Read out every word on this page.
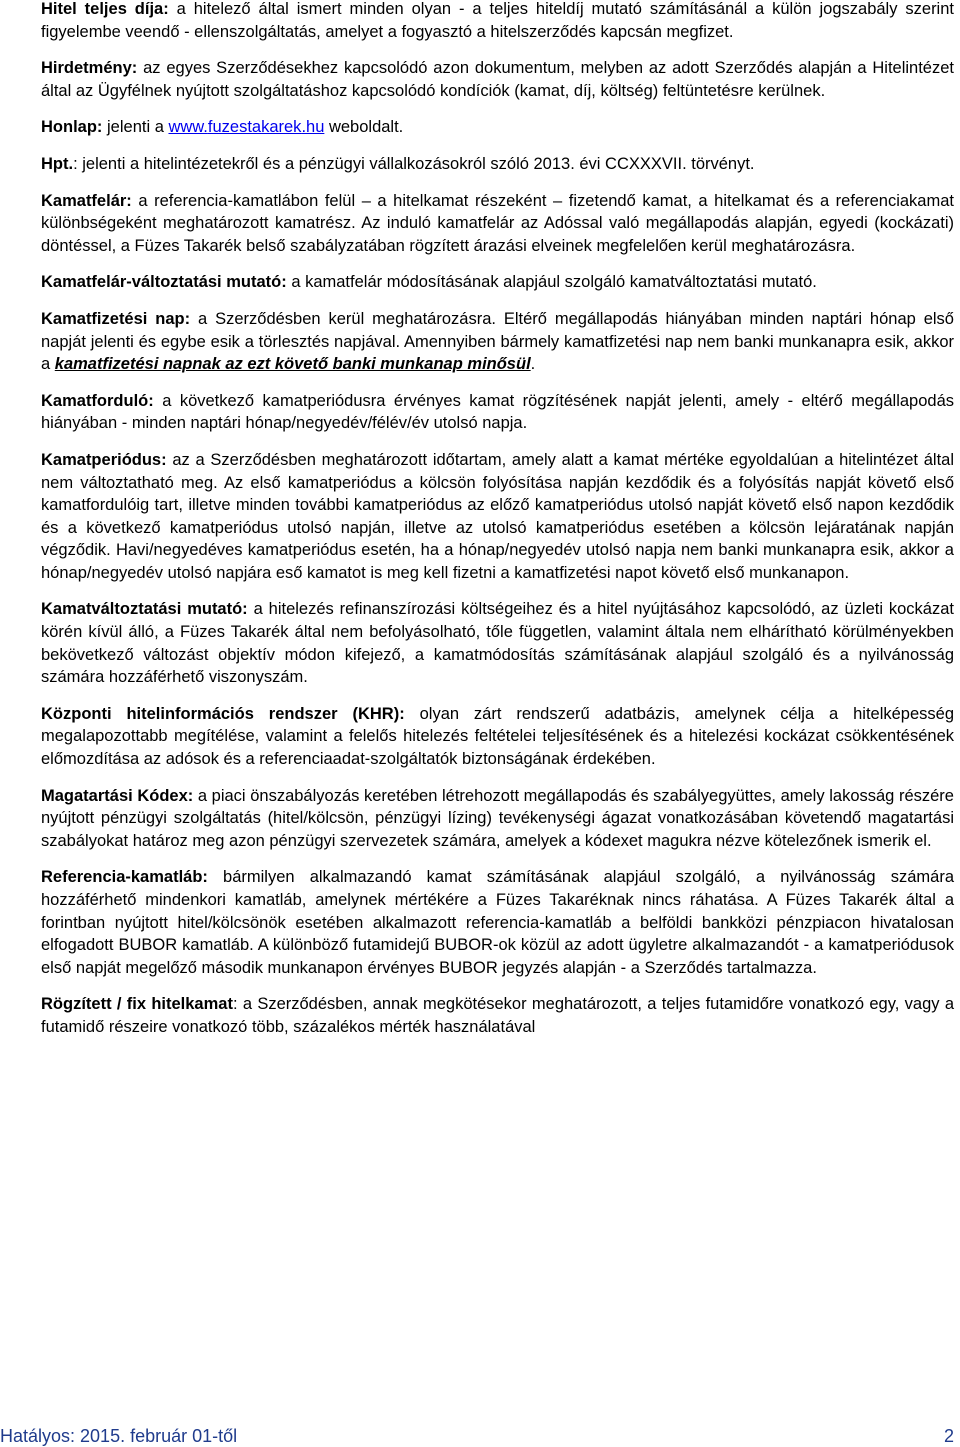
Hitel teljes díja: a hitelező által ismert minden olyan - a teljes hiteldíj mutató számításánál a külön jogszabály szerint figyelembe veendő - ellenszolgáltatás, amelyet a fogyasztó a hitelszerződés kapcsán megfizet.

Hirdetmény: az egyes Szerződésekhez kapcsolódó azon dokumentum, melyben az adott Szerződés alapján a Hitelintézet által az Ügyfélnek nyújtott szolgáltatáshoz kapcsolódó kondíciók (kamat, díj, költség) feltüntetésre kerülnek.

Honlap: jelenti a www.fuzestakarek.hu weboldalt.

Hpt.: jelenti a hitelintézetekről és a pénzügyi vállalkozásokról szóló 2013. évi CCXXXVII. törvényt.

Kamatfelár: a referencia-kamatlábon felül – a hitelkamat részeként – fizetendő kamat, a hitelkamat és a referenciakamat különbségeként meghatározott kamatrész. Az induló kamatfelár az Adóssal való megállapodás alapján, egyedi (kockázati) döntéssel, a Füzes Takarék belső szabályzatában rögzített árazási elveinek megfelelően kerül meghatározásra.

Kamatfelár-változtatási mutató: a kamatfelár módosításának alapjául szolgáló kamatváltoztatási mutató.

Kamatfizetési nap: a Szerződésben kerül meghatározásra. Eltérő megállapodás hiányában minden naptári hónap első napját jelenti és egybe esik a törlesztés napjával. Amennyiben bármely kamatfizetési nap nem banki munkanapra esik, akkor a kamatfizetési napnak az ezt követő banki munkanap minősül.

Kamatforduló: a következő kamatperiódusra érvényes kamat rögzítésének napját jelenti, amely - eltérő megállapodás hiányában - minden naptári hónap/negyedév/félév/év utolsó napja.

Kamatperiódus: az a Szerződésben meghatározott időtartam, amely alatt a kamat mértéke egyoldalúan a hitelintézet által nem változtatható meg. Az első kamatperiódus a kölcsön folyósítása napján kezdődik és a folyósítás napját követő első kamatfordulóig tart, illetve minden további kamatperiódus az előző kamatperiódus utolsó napját követő első napon kezdődik és a következő kamatperiódus utolsó napján, illetve az utolsó kamatperiódus esetében a kölcsön lejáratának napján végződik. Havi/negyedéves kamatperiódus esetén, ha a hónap/negyedév utolsó napja nem banki munkanapra esik, akkor a hónap/negyedév utolsó napjára eső kamatot is meg kell fizetni a kamatfizetési napot követő első munkanapon.

Kamatváltoztatási mutató: a hitelezés refinanszírozási költségeihez és a hitel nyújtásához kapcsolódó, az üzleti kockázat körén kívül álló, a Füzes Takarék által nem befolyásolható, tőle független, valamint általa nem elhárítható körülményekben bekövetkező változást objektív módon kifejező, a kamatmódosítás számításának alapjául szolgáló és a nyilvánosság számára hozzáférhető viszonyszám.

Központi hitelinformációs rendszer (KHR): olyan zárt rendszerű adatbázis, amelynek célja a hitelképesség megalapozottabb megítélése, valamint a felelős hitelezés feltételei teljesítésének és a hitelezési kockázat csökkentésének előmozdítása az adósok és a referenciaadat-szolgáltatók biztonságának érdekében.

Magatartási Kódex: a piaci önszabályozás keretében létrehozott megállapodás és szabályegyüttes, amely lakosság részére nyújtott pénzügyi szolgáltatás (hitel/kölcsön, pénzügyi lízing) tevékenységi ágazat vonatkozásában követendő magatartási szabályokat határoz meg azon pénzügyi szervezetek számára, amelyek a kódexet magukra nézve kötelezőnek ismerik el.

Referencia-kamatláb: bármilyen alkalmazandó kamat számításának alapjául szolgáló, a nyilvánosság számára hozzáférhető mindenkori kamatláb, amelynek mértékére a Füzes Takaréknak nincs ráhatása. A Füzes Takarék által a forintban nyújtott hitel/kölcsönök esetében alkalmazott referencia-kamatláb a belföldi bankközi pénzpiacon hivatalosan elfogadott BUBOR kamatláb. A különböző futamidejű BUBOR-ok közül az adott ügyletre alkalmazandót - a kamatperiódusok első napját megelőző második munkanapon érvényes BUBOR jegyzés alapján - a Szerződés tartalmazza.

Rögzített / fix hitelkamat: a Szerződésben, annak megkötésekor meghatározott, a teljes futamidőre vonatkozó egy, vagy a futamidő részeire vonatkozó több, százalékos mérték használatával

Hatályos: 2015. február 01-től	2
